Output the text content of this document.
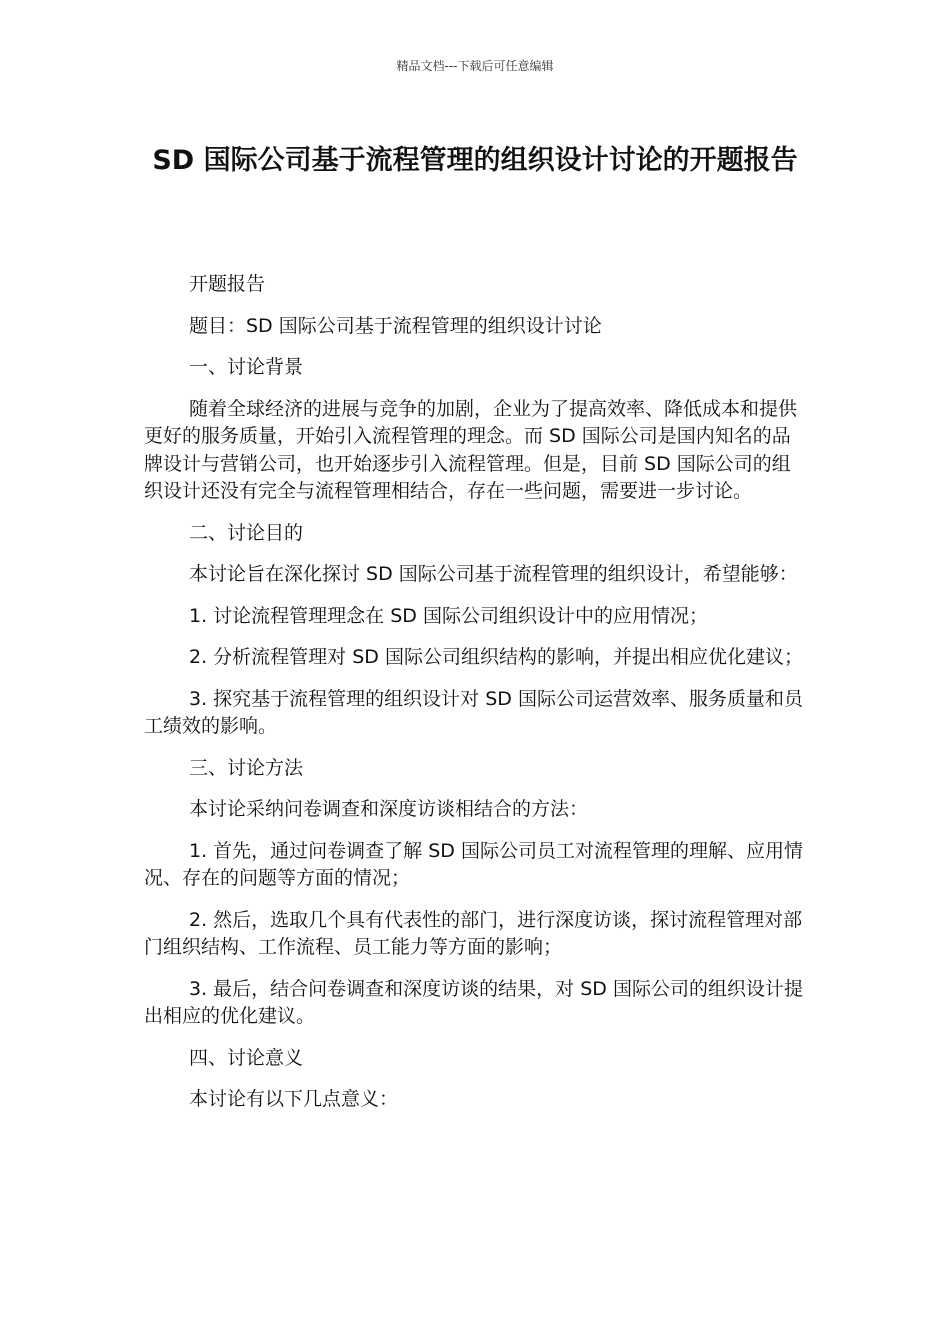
精品文档---下载后可任意编辑
SD 国际公司基于流程管理的组织设计讨论的开题报告

开题报告

题目：SD 国际公司基于流程管理的组织设计讨论

一、讨论背景

随着全球经济的进展与竞争的加剧，企业为了提高效率、降低成本和提供更好的服务质量，开始引入流程管理的理念。而 SD 国际公司是国内知名的品牌设计与营销公司，也开始逐步引入流程管理。但是，目前 SD 国际公司的组织设计还没有完全与流程管理相结合，存在一些问题，需要进一步讨论。

二、讨论目的

本讨论旨在深化探讨 SD 国际公司基于流程管理的组织设计，希望能够：

1. 讨论流程管理理念在 SD 国际公司组织设计中的应用情况；

2. 分析流程管理对 SD 国际公司组织结构的影响，并提出相应优化建议；

3. 探究基于流程管理的组织设计对 SD 国际公司运营效率、服务质量和员工绩效的影响。

三、讨论方法

本讨论采纳问卷调查和深度访谈相结合的方法：

1. 首先，通过问卷调查了解 SD 国际公司员工对流程管理的理解、应用情况、存在的问题等方面的情况；

2. 然后，选取几个具有代表性的部门，进行深度访谈，探讨流程管理对部门组织结构、工作流程、员工能力等方面的影响；

3. 最后，结合问卷调查和深度访谈的结果，对 SD 国际公司的组织设计提出相应的优化建议。

四、讨论意义

本讨论有以下几点意义：
